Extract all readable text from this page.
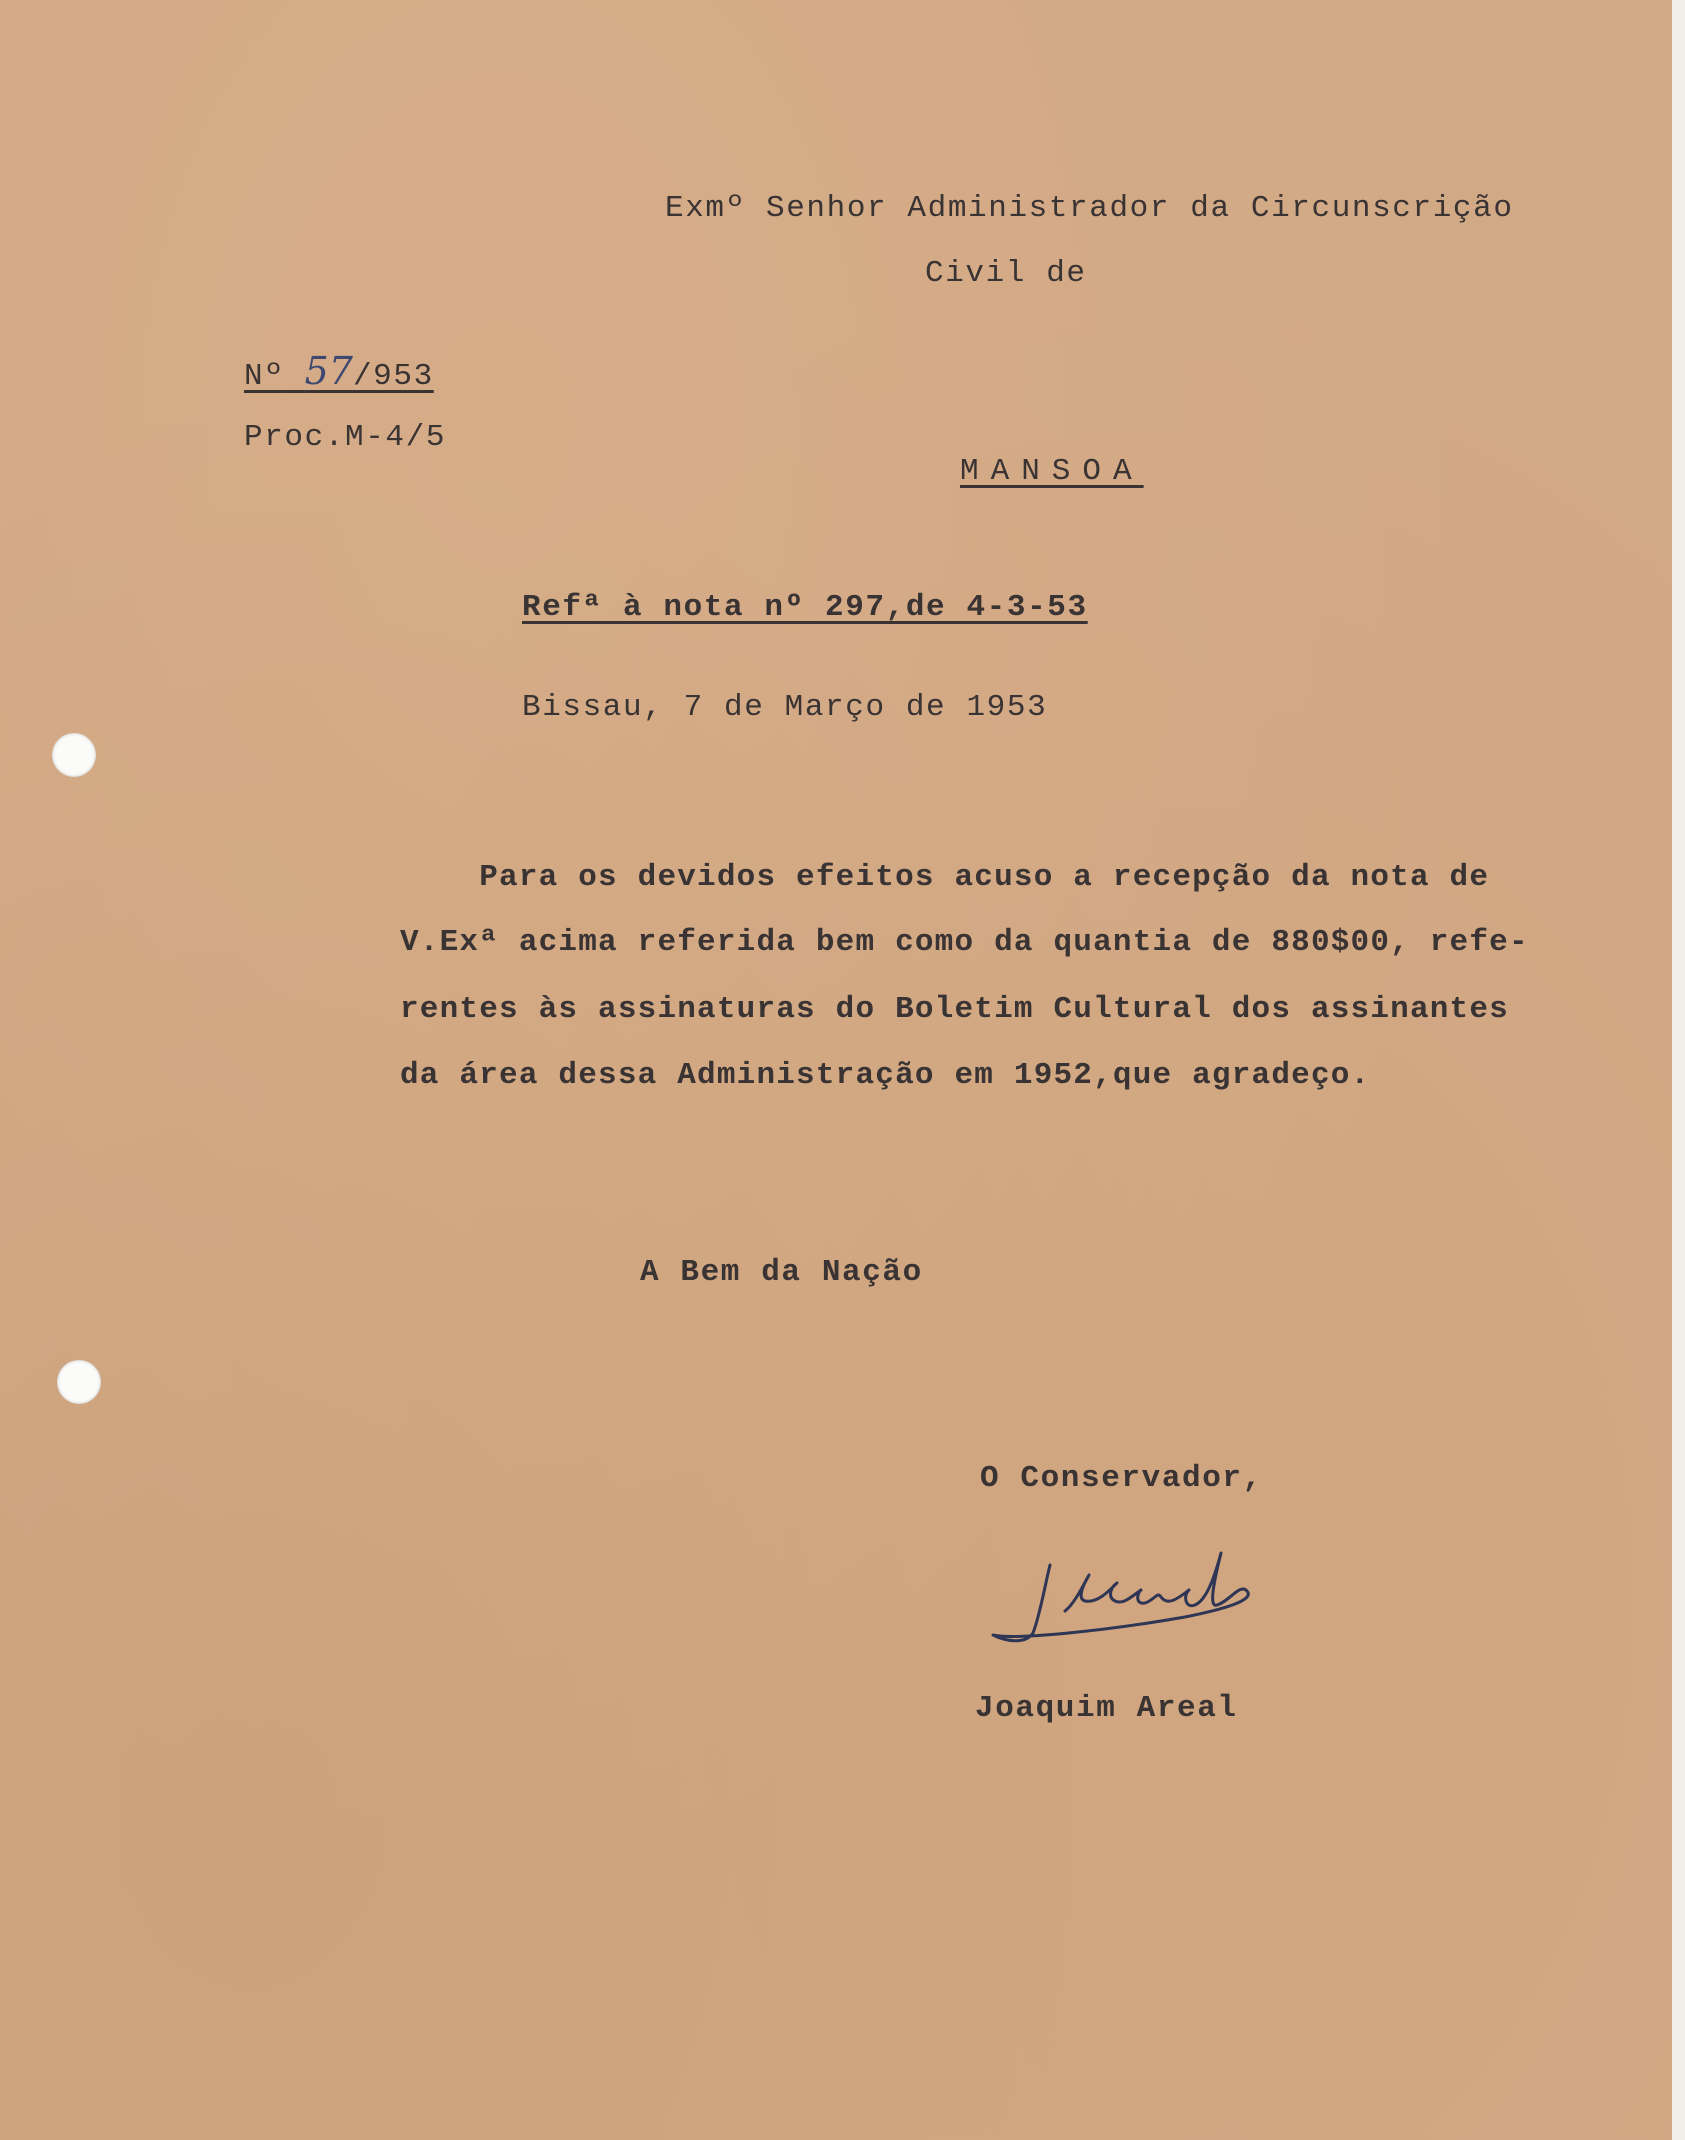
Exmº Senhor Administrador da Circunscrição
Civil de
Nº 57/953
Proc.M-4/5
MANSOA
Refª à nota nº 297,de 4-3-53
Bissau, 7 de Março de 1953
Para os devidos efeitos acuso a recepção da nota de
V.Exª acima referida bem como da quantia de 880$00, refe-
rentes às assinaturas do Boletim Cultural dos assinantes
da área dessa Administração em 1952,que agradeço.
A Bem da Nação
O Conservador,
Joaquim Areal
